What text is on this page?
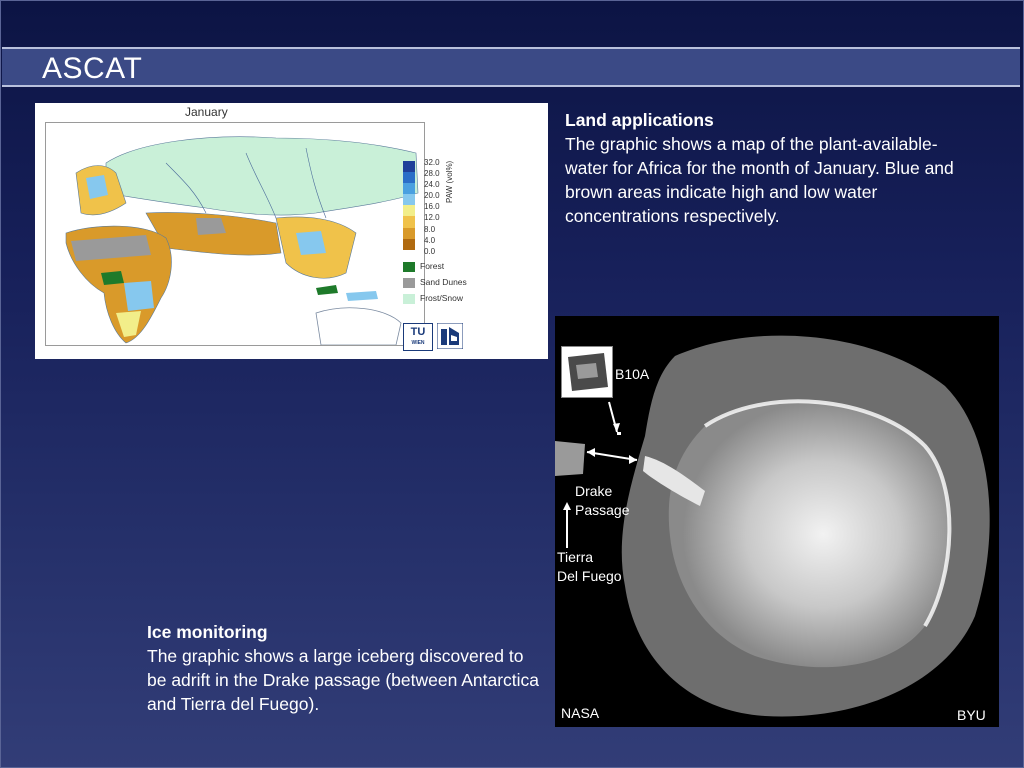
ASCAT
January
32.0
28.0
24.0
20.0
16.0
12.0
8.0
4.0
0.0
PAW (vol%)
Forest
Sand Dunes
Frost/Snow
TU
WIEN
Land applications
The graphic shows a map of the plant-available-water for Africa for the month of January. Blue and brown areas indicate high and low water concentrations respectively.
B10A
Drake
Passage
Tierra
Del Fuego
NASA	BYU
Ice monitoring
The graphic shows a large iceberg discovered to be adrift in the Drake passage (between Antarctica and Tierra del Fuego).
